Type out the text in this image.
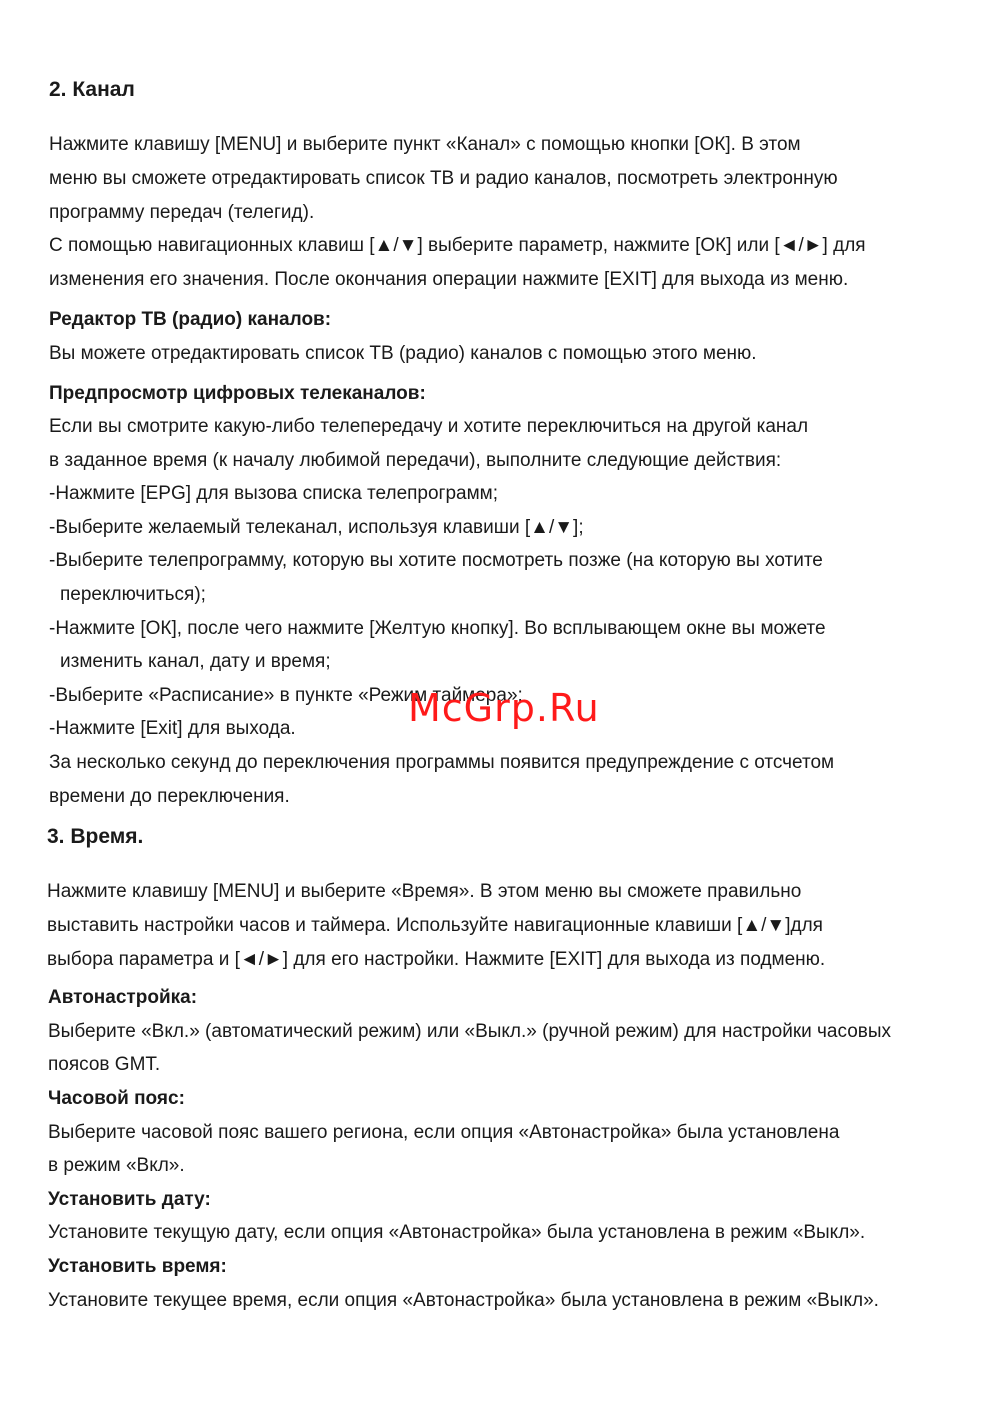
2. Канал
Нажмите клавишу [MENU] и выберите пункт «Канал» с помощью кнопки [ОК]. В этом
меню вы сможете отредактировать список ТВ и радио каналов, посмотреть электронную
программу передач (телегид).
С помощью навигационных клавиш [▲/▼] выберите параметр, нажмите [ОК] или [◄/►] для
изменения его значения. После окончания операции нажмите [EXIT] для выхода из меню.
Редактор ТВ (радио) каналов:
Вы можете отредактировать список ТВ (радио) каналов с помощью этого меню.
Предпросмотр цифровых телеканалов:
Если вы смотрите какую-либо телепередачу и хотите переключиться на другой канал
в заданное время (к началу любимой передачи), выполните следующие действия:
-Нажмите [EPG] для вызова списка телепрограмм;
-Выберите желаемый телеканал, используя клавиши [▲/▼];
-Выберите телепрограмму, которую вы хотите посмотреть позже (на которую вы хотите
переключиться);
-Нажмите [ОК], после чего нажмите [Желтую кнопку]. Во всплывающем окне вы можете
изменить канал, дату и время;
-Выберите «Расписание» в пункте «Режим таймера»;
-Нажмите [Exit] для выхода.
За несколько секунд до переключения программы появится предупреждение с отсчетом
времени до переключения.
3. Время.
Нажмите клавишу [MENU] и выберите «Время». В этом меню вы сможете правильно
выставить настройки часов и таймера. Используйте навигационные клавиши [▲/▼]для
выбора параметра и [◄/►] для его настройки. Нажмите [EXIT] для выхода из подменю.
Автонастройка:
Выберите «Вкл.» (автоматический режим) или «Выкл.» (ручной режим) для настройки часовых
поясов GMT.
Часовой пояс:
Выберите часовой пояс вашего региона, если опция «Автонастройка» была установлена
в режим «Вкл».
Установить дату:
Установите текущую дату, если опция «Автонастройка» была установлена в режим «Выкл».
Установить время:
Установите текущее время, если опция «Автонастройка» была установлена в режим «Выкл».
McGrp.Ru
